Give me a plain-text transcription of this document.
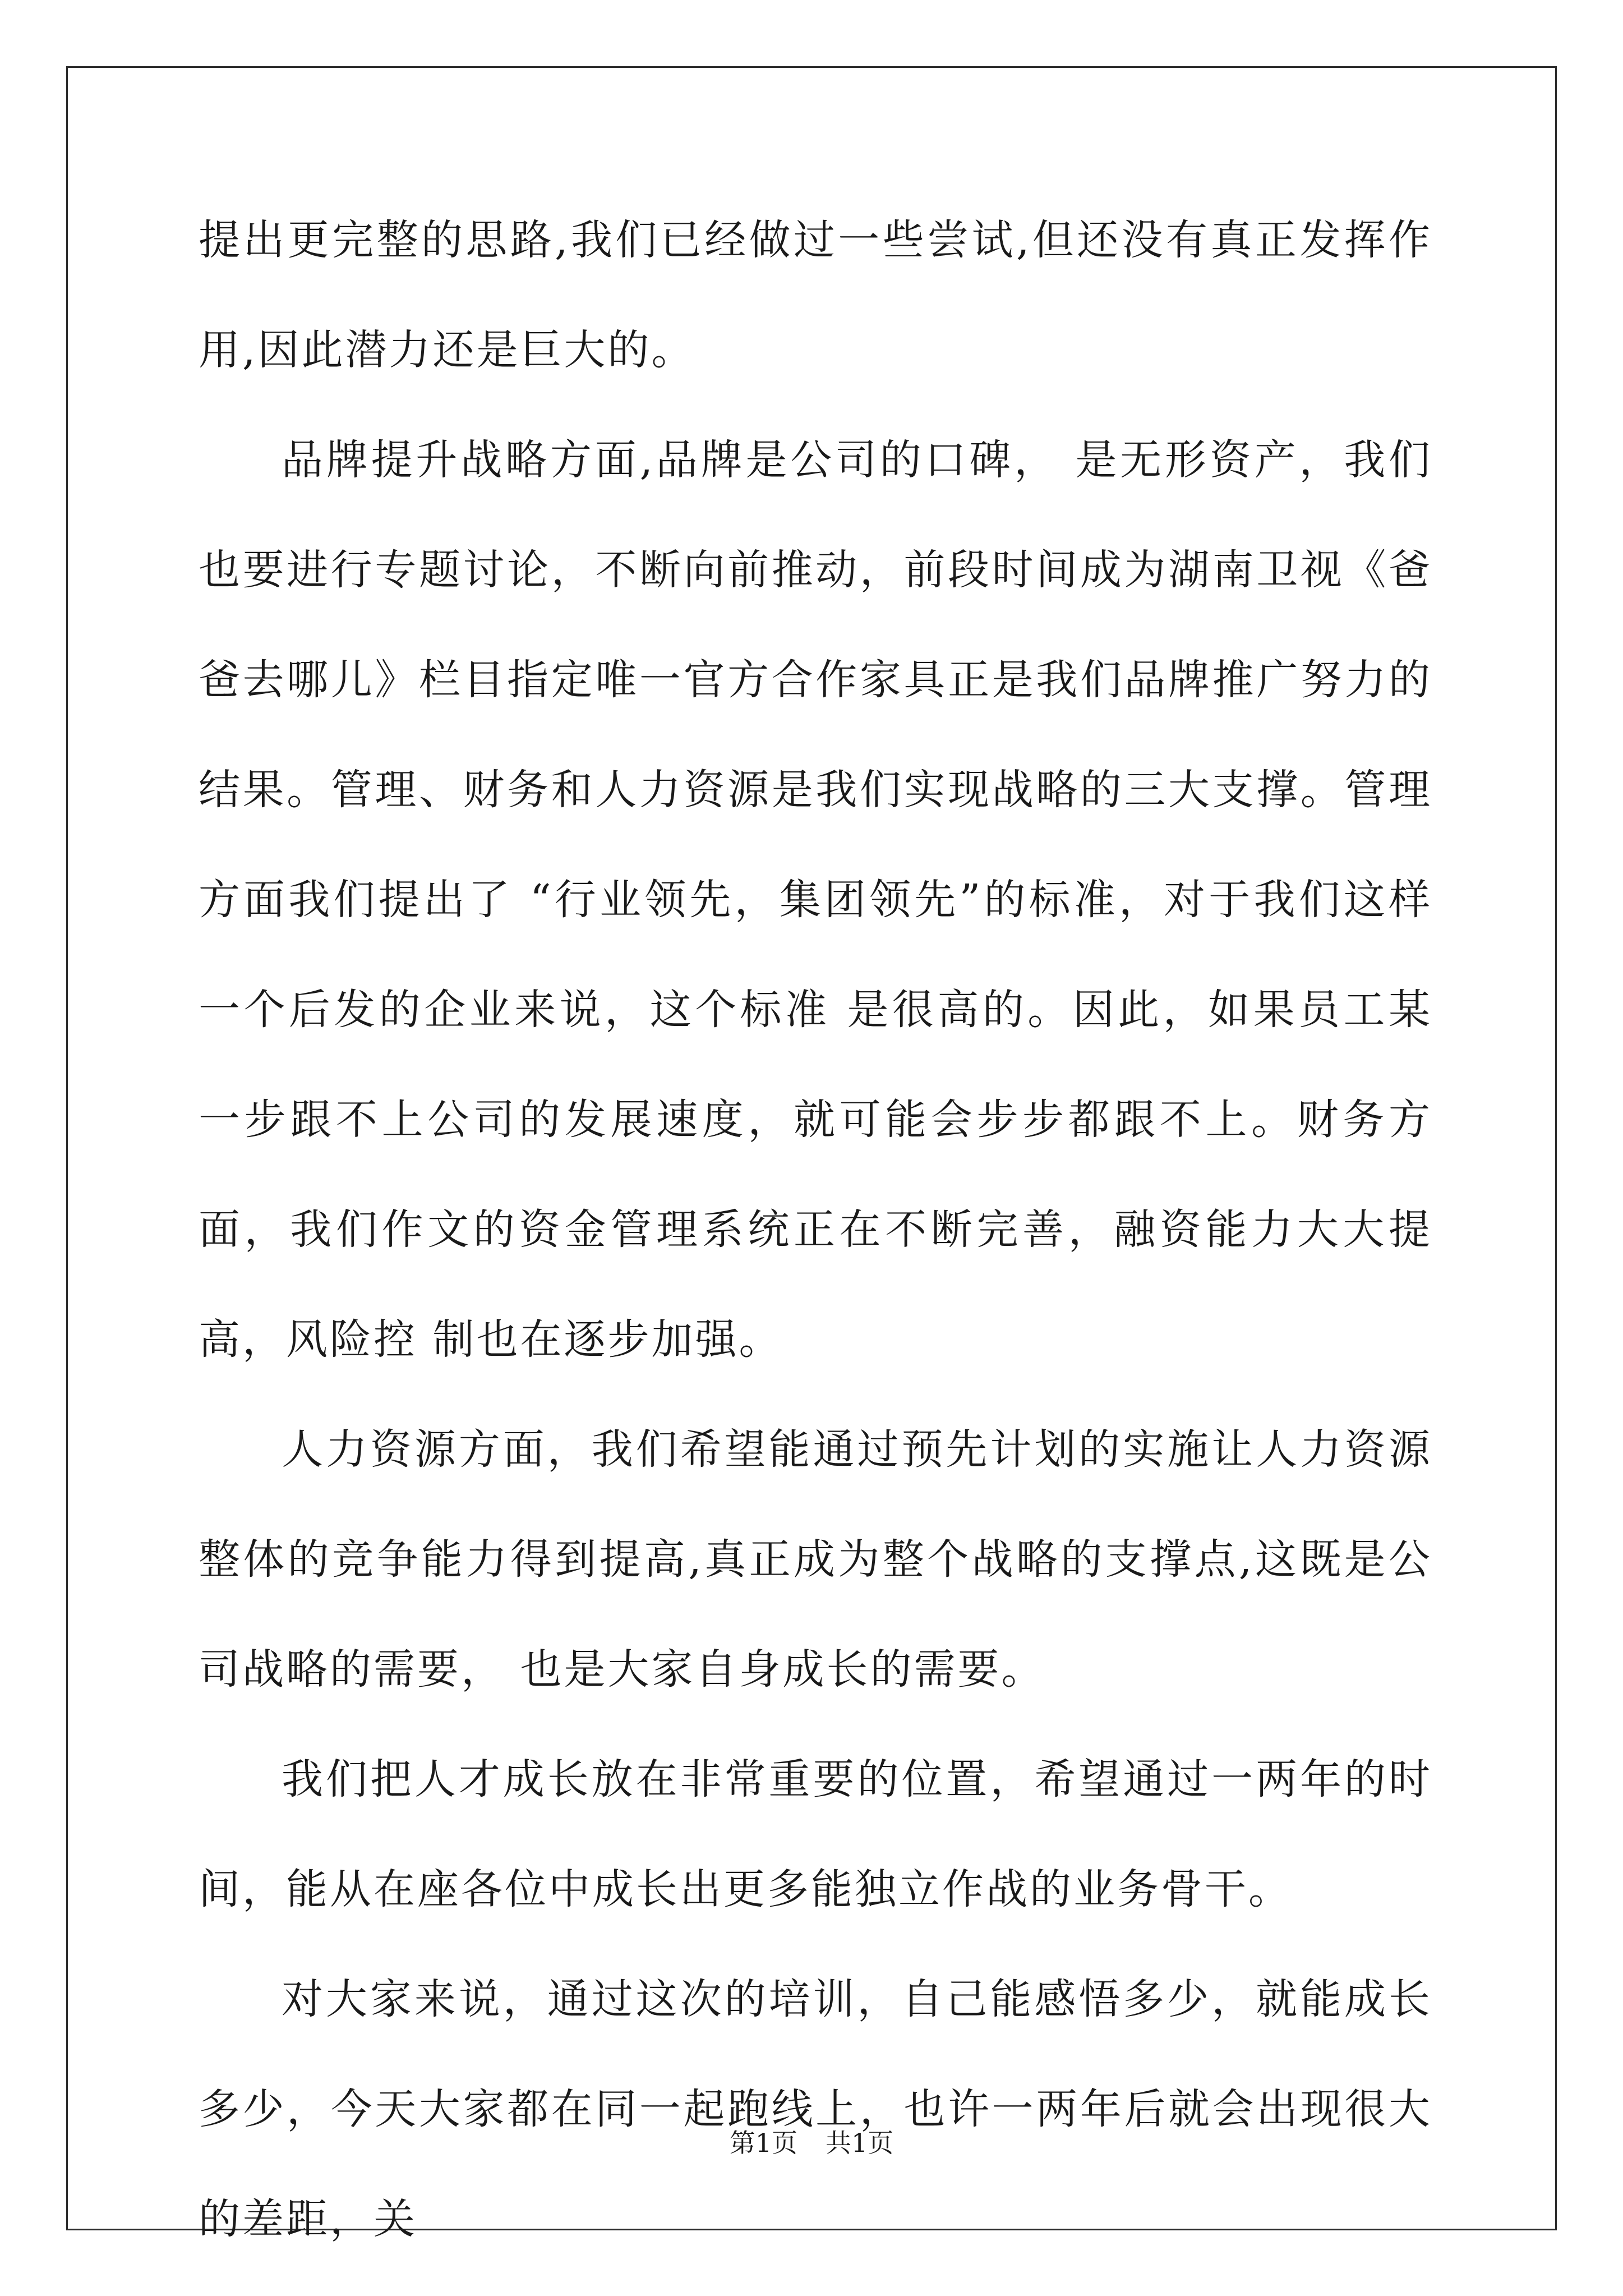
提出更完整的思路,我们已经做过一些尝试,但还没有真正发挥作 用,因此潜力还是巨大的。

品牌提升战略方面,品牌是公司的口碑， 是无形资产，我们也要进行专题讨论，不断向前推动，前段时间成为湖南卫视《爸爸去哪儿》栏目指定唯一官方合作家具正是我们品牌推广努力的结果。管理、财务和人力资源是我们实现战略的三大支撑。管理方面我们提出了 “行业领先，集团领先”的标准，对于我们这样一个后发的企业来说，这个标准 是很高的。因此，如果员工某一步跟不上公司的发展速度，就可能会步步都跟不上。财务方面，我们作文的资金管理系统正在不断完善，融资能力大大提高，风险控 制也在逐步加强。

人力资源方面，我们希望能通过预先计划的实施让人力资源整体的竞争能力得到提高,真正成为整个战略的支撑点,这既是公司战略的需要， 也是大家自身成长的需要。

我们把人才成长放在非常重要的位置，希望通过一两年的时间，能从在座各位中成长出更多能独立作战的业务骨干。

对大家来说，通过这次的培训，自己能感悟多少，就能成长多少，今天大家都在同一起跑线上，也许一两年后就会出现很大的差距，关

第1页 共1页
